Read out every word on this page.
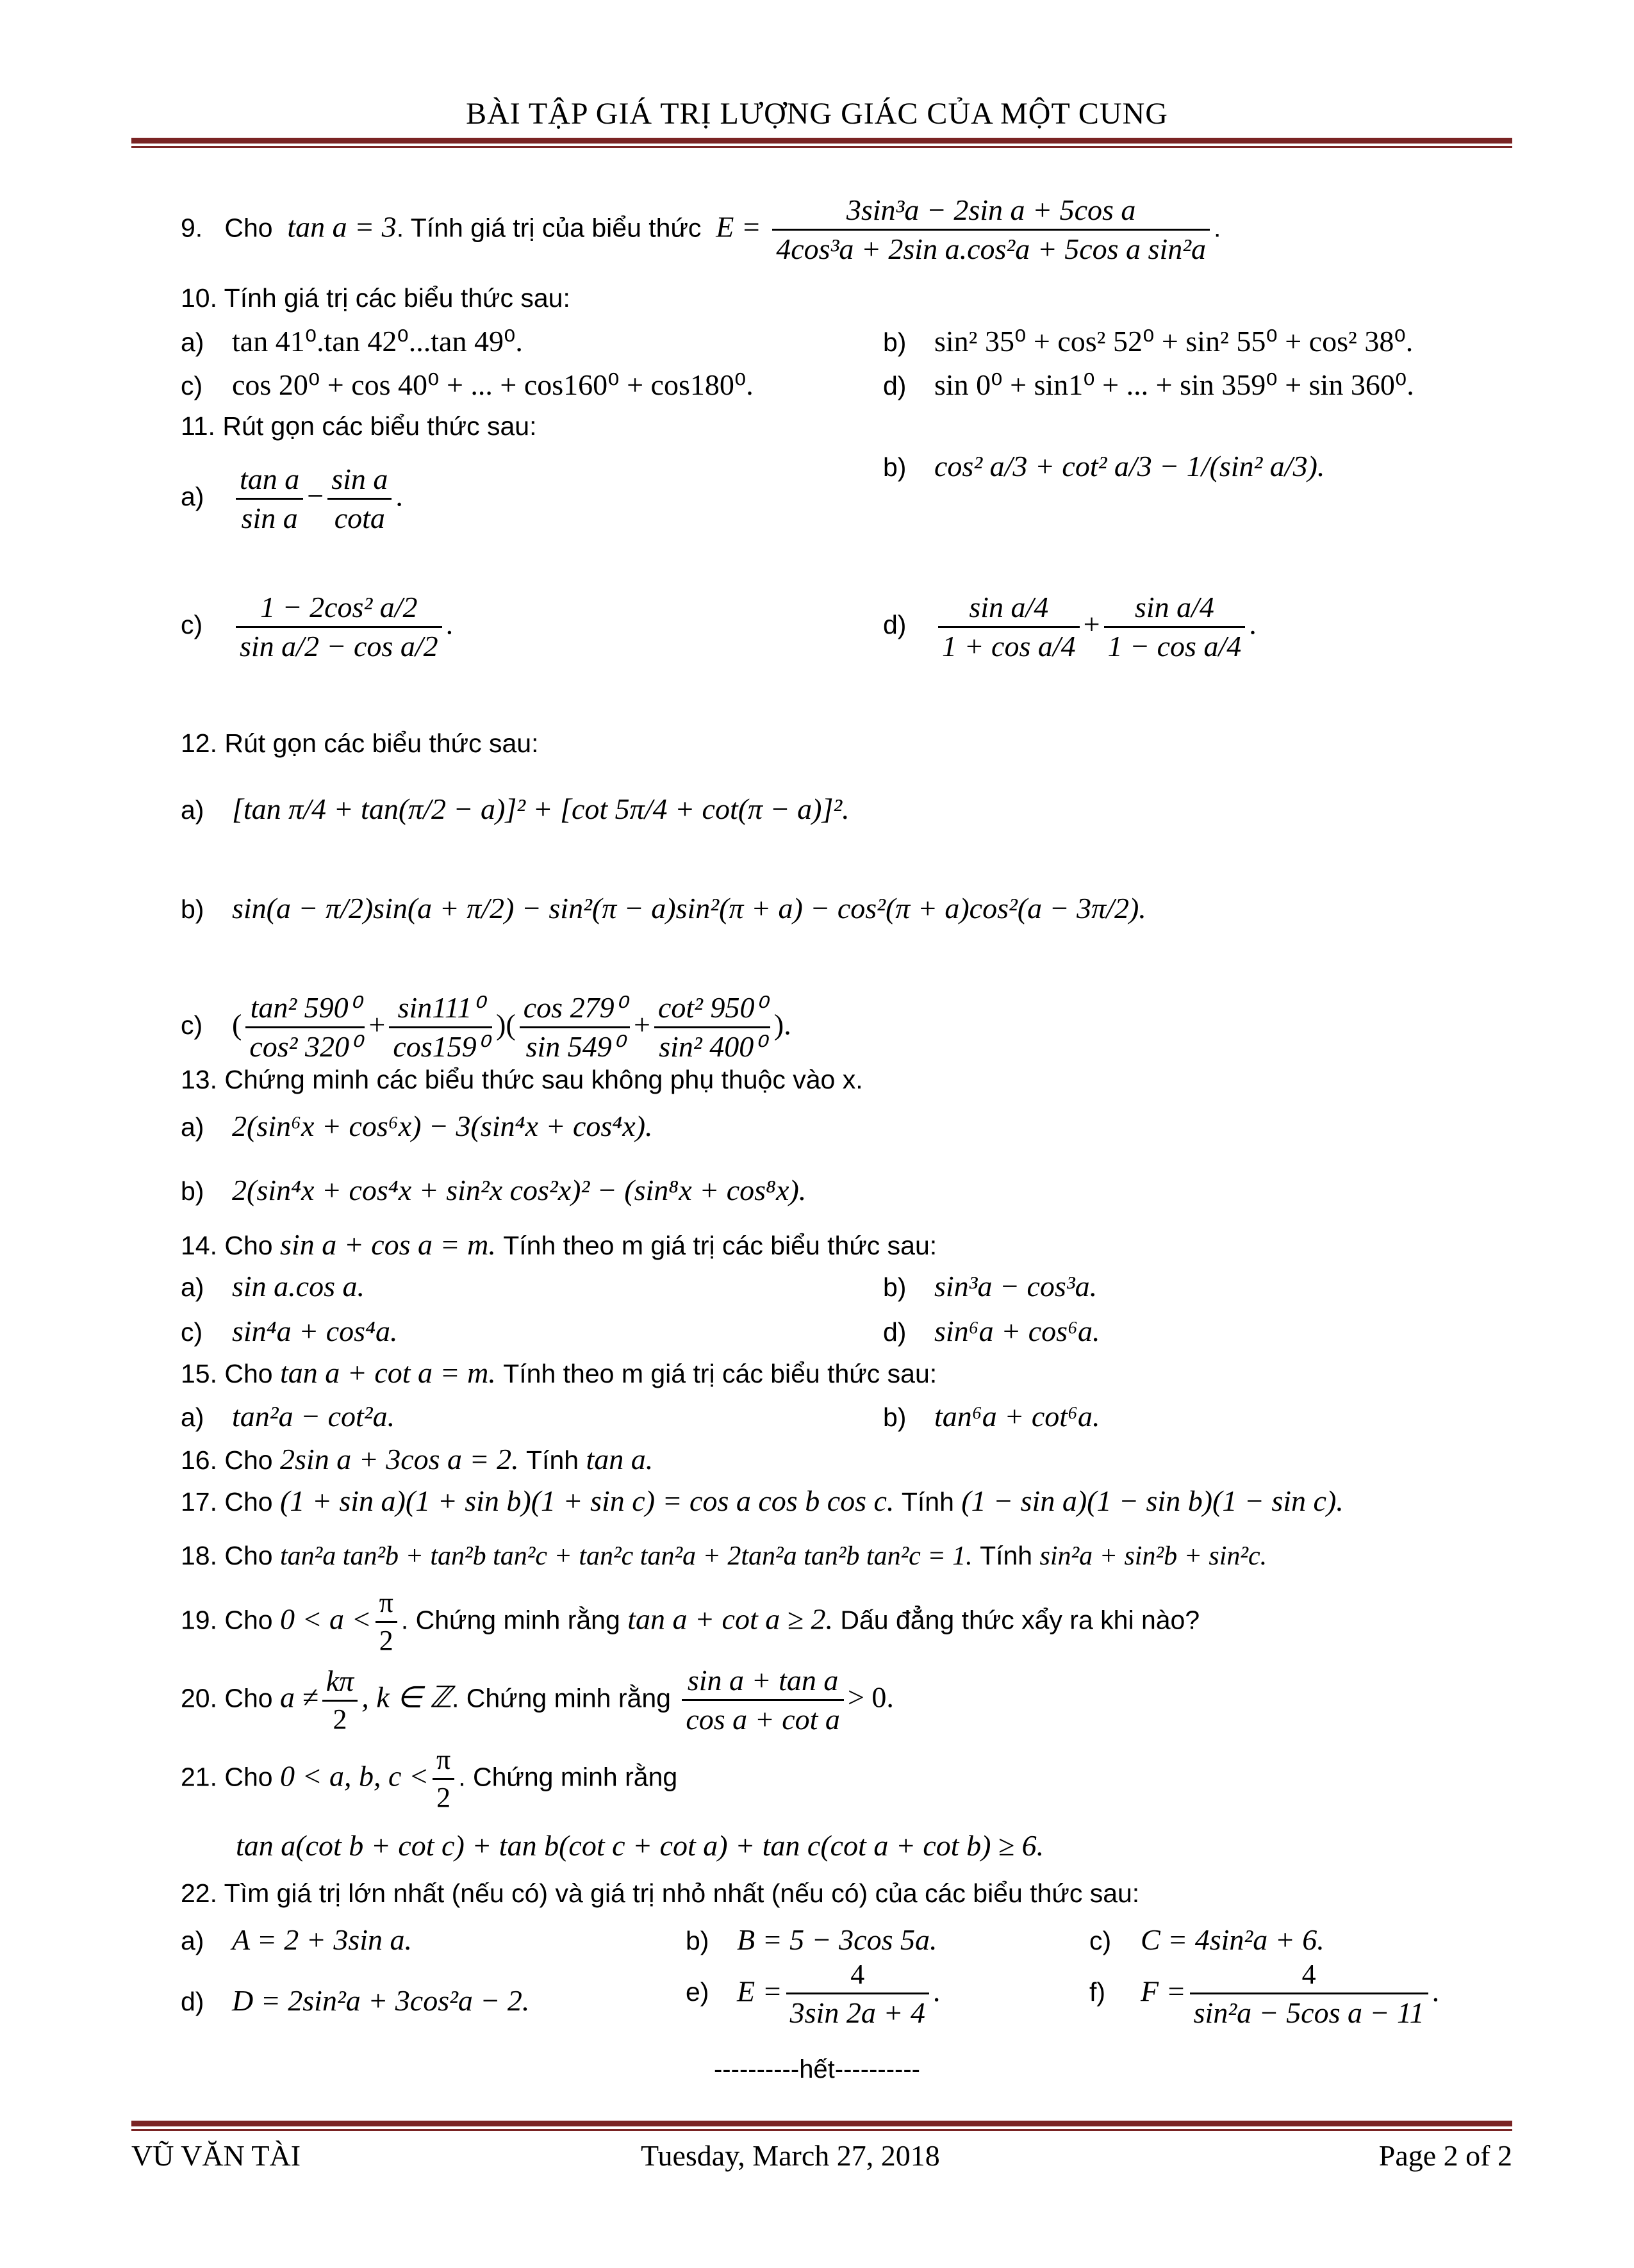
BÀI TẬP GIÁ TRỊ LƯỢNG GIÁC CỦA MỘT CUNG
9. Cho tan a = 3. Tính giá trị của biểu thức $E = \frac{\text{3sin³a − 2sin a + 5cos a}}{\text{4cos³a + 2sin a.cos²a + 5cos a sin²a}}$ .
10. Tính giá trị các biểu thức sau:
a) tan 41⁰.tan 42⁰...tan 49⁰.	b) sin² 35⁰ + cos² 52⁰ + sin² 55⁰ + cos² 38⁰.
c) cos 20⁰ + cos 40⁰ + ... + cos160⁰ + cos180⁰.	d) sin 0⁰ + sin1⁰ + ... + sin 359⁰ + sin 360⁰.
11. Rút gọn các biểu thức sau:
$a) \frac{\text{tan a}}{\text{sin a}} - \frac{\text{sin a}}{\cot a}$ .
b) cos² a/3 + cot² a/3 − 1/(sin² a/3).
$c) \frac{\text{1 − 2cos² a/2}}{\text{sin a/2 − cos a/2}}$ .	$d) \frac{\text{sin a/4}}{\text{1 + cos a/4}} + \frac{\text{sin a/4}}{\text{1 − cos a/4}}$ .
12. Rút gọn các biểu thức sau:
a) [tan π/4 + tan(π/2 − a)]² + [cot 5π/4 + cot(π − a)]².
b) sin(a − π/2)sin(a + π/2) − sin²(π − a)sin²(π + a) − cos²(π + a)cos²(a − 3π/2).
c) ( $\frac{\text{tan² 590⁰}}{\text{cos² 320⁰}} + \frac{\text{sin111⁰}}{\text{cos159⁰}}$ )( $\frac{\text{cos 279⁰}}{\text{sin 549⁰}} + \frac{\text{cot² 950⁰}}{\text{sin² 400⁰}}$ ).
13. Chứng minh các biểu thức sau không phụ thuộc vào x.
a) 2(sin⁶x + cos⁶x) − 3(sin⁴x + cos⁴x).
b) 2(sin⁴x + cos⁴x + sin²x cos²x)² − (sin⁸x + cos⁸x).
14. Cho sin a + cos a = m. Tính theo m giá trị các biểu thức sau:
a) sin a.cos a.	b) sin³a − cos³a.
c) sin⁴a + cos⁴a.	d) sin⁶a + cos⁶a.
15. Cho tan a + cot a = m. Tính theo m giá trị các biểu thức sau:
a) tan²a − cot²a.	b) tan⁶a + cot⁶a.
16. Cho 2sin a + 3cos a = 2. Tính tan a.
17. Cho (1 + sin a)(1 + sin b)(1 + sin c) = cos a cos b cos c. Tính (1 − sin a)(1 − sin b)(1 − sin c).
18. Cho tan²a tan²b + tan²b tan²c + tan²c tan²a + 2tan²a tan²b tan²c = 1. Tính sin²a + sin²b + sin²c.
19. Cho $0 < a < \frac{\pi}{2}$ . Chứng minh rằng tan a + cot a ≥ 2. Dấu đẳng thức xẩy ra khi nào?
20. Cho $a \ne \frac{k\pi}{2}$ , k ∈ ℤ. Chứng minh rằng $\frac{\text{sin a + tan a}}{\text{cos a + cot a}} > 0$.
21. Cho 0 < a, b, $c < \frac{\pi}{2}$ . Chứng minh rằng
tan a(cot b + cot c) + tan b(cot c + cot a) + tan c(cot a + cot b) ≥ 6.
22. Tìm giá trị lớn nhất (nếu có) và giá trị nhỏ nhất (nếu có) của các biểu thức sau:
a) A = 2 + 3sin a.	b) B = 5 − 3cos 5a.	c) C = 4sin²a + 6.
d) D = 2sin²a + 3cos²a − 2.	e) $E = \frac{4}{3\sin 2a + 4}$ .	f) $F = \frac{4}{\text{sin²a − 5cos a − 11}}$ .
----------hết----------
VŨ VĂN TÀI	Tuesday, March 27, 2018	Page 2 of 2
